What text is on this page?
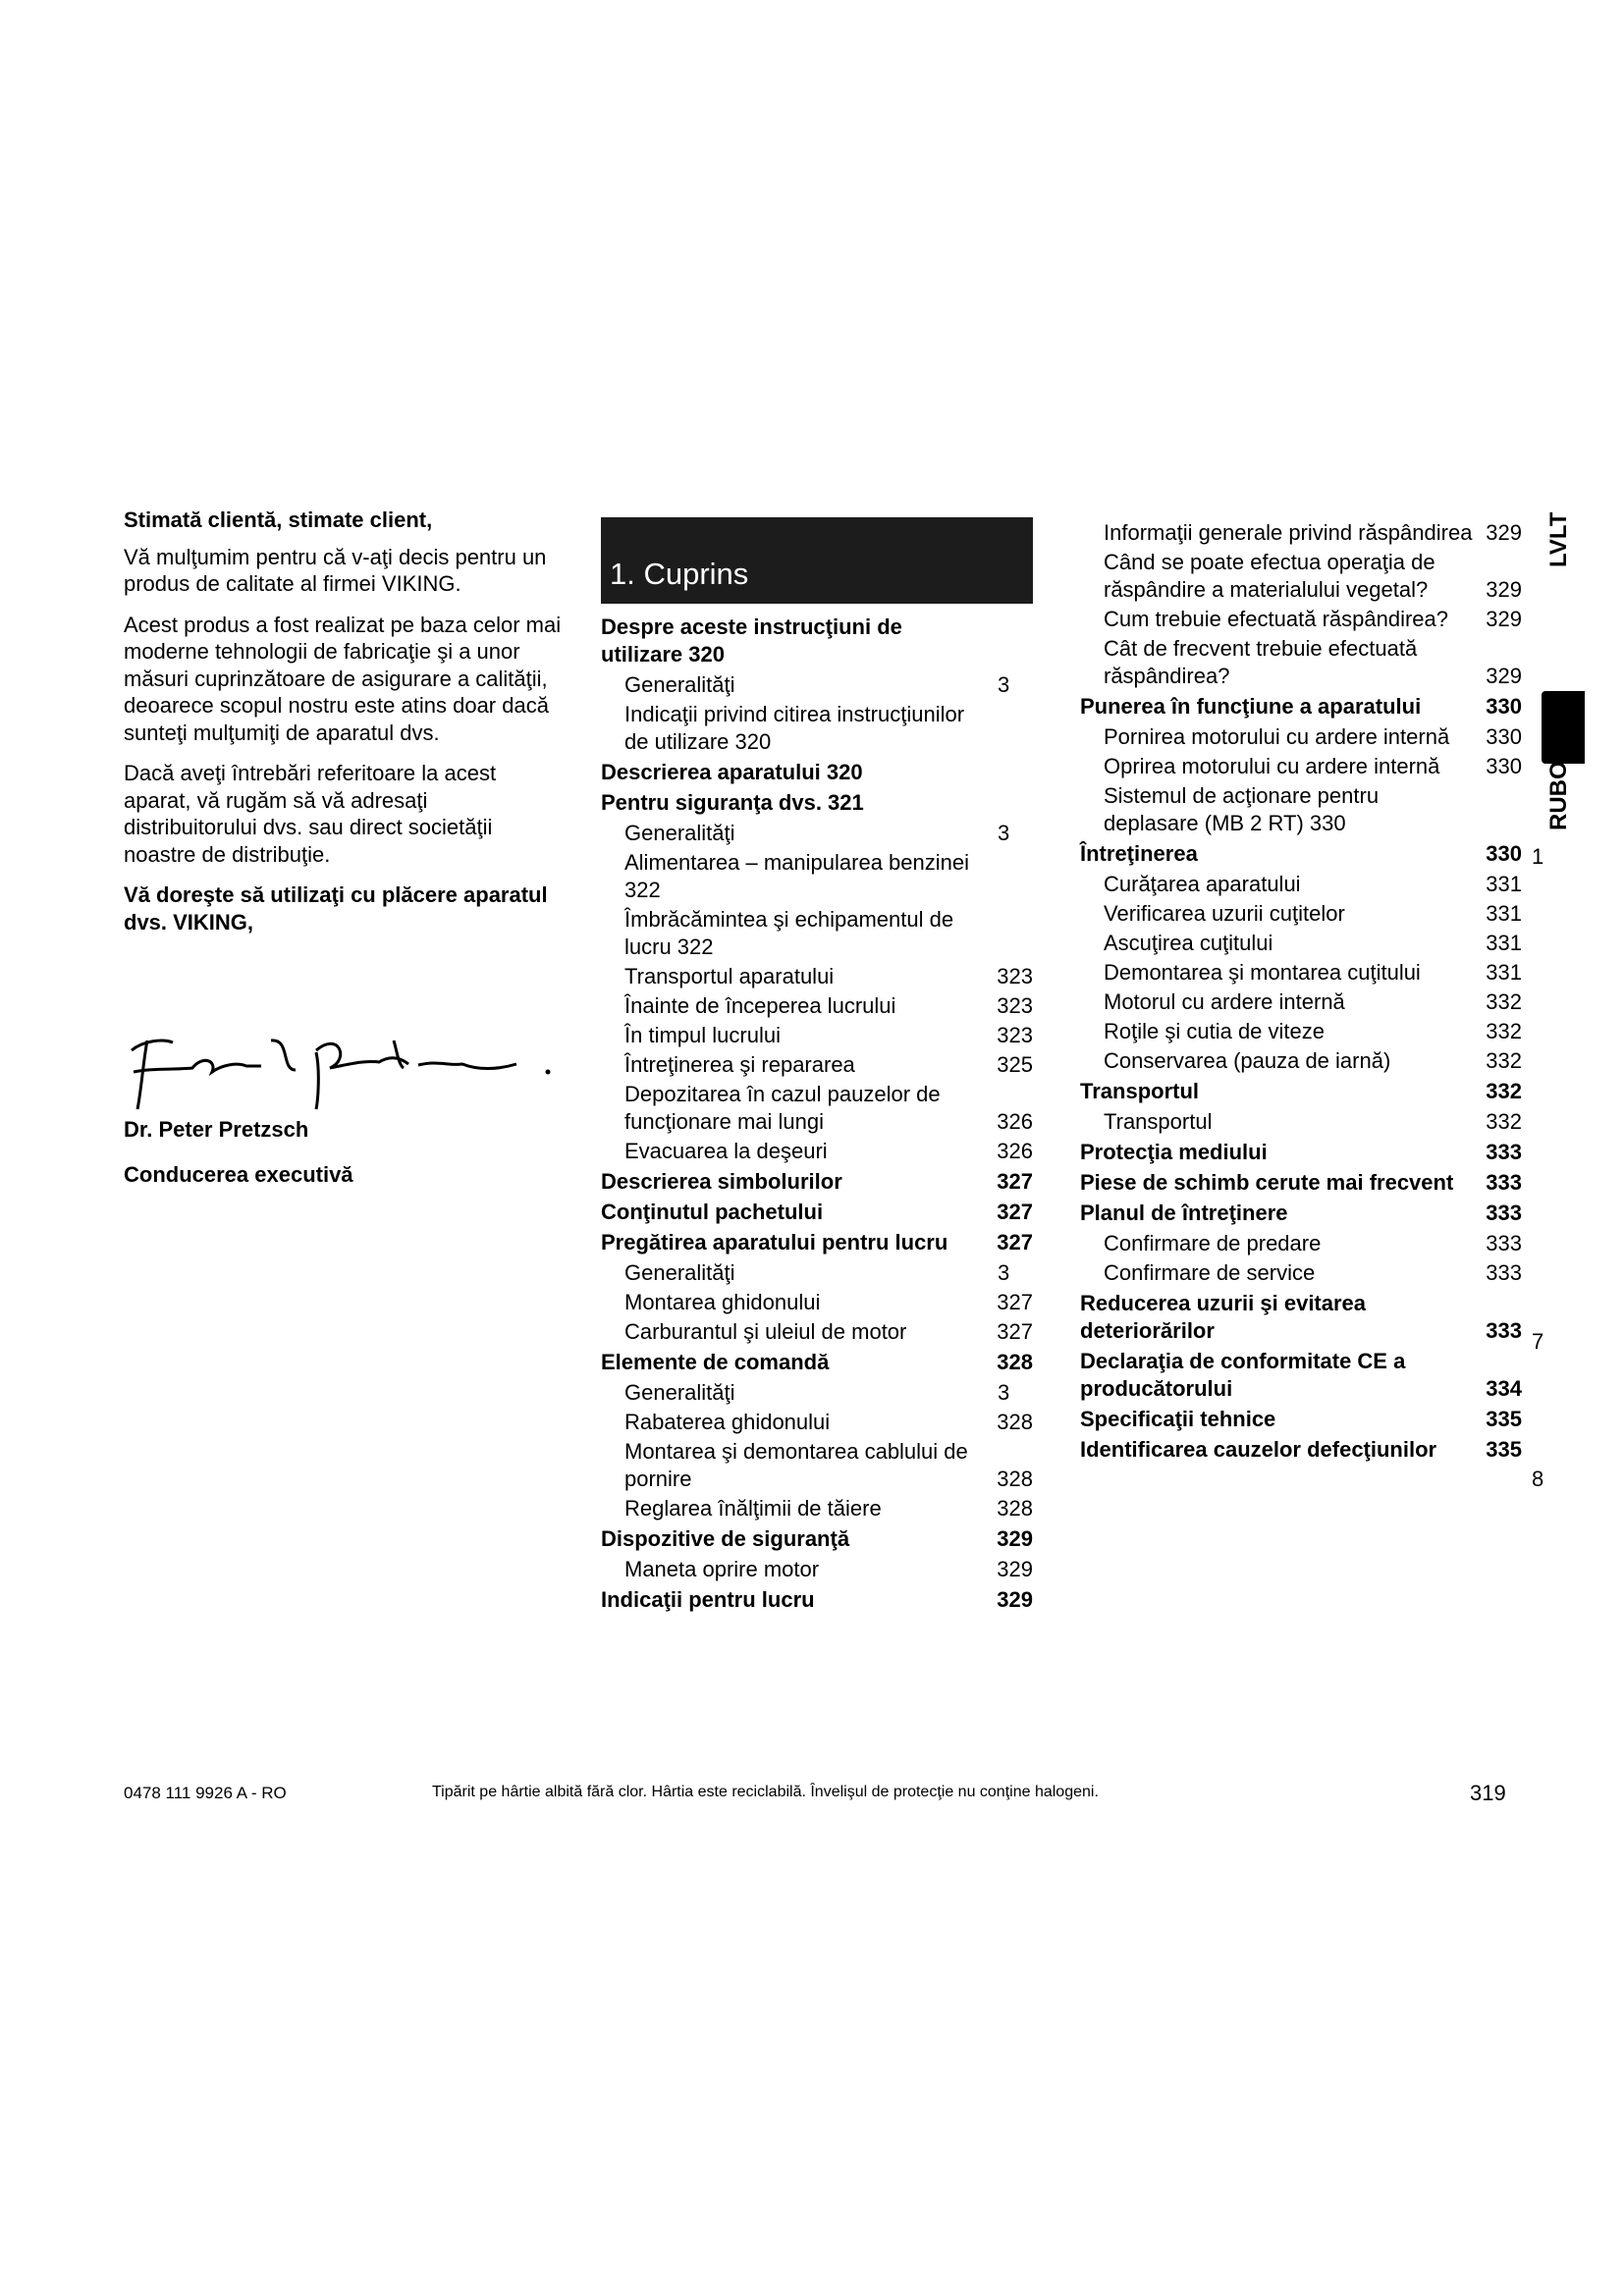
Stimată clientă, stimate client,

Vă mulţumim pentru că v-aţi decis pentru un produs de calitate al firmei VIKING.

Acest produs a fost realizat pe baza celor mai moderne tehnologii de fabricaţie şi a unor măsuri cuprinzătoare de asigurare a calităţii, deoarece scopul nostru este atins doar dacă sunteţi mulţumiţi de aparatul dvs.

Dacă aveţi întrebări referitoare la acest aparat, vă rugăm să vă adresaţi distribuitorului dvs. sau direct societăţii noastre de distribuţie.

Vă doreşte să utilizaţi cu plăcere aparatul dvs. VIKING,

Dr. Peter Pretzsch
Conducerea executivă
1. Cuprins
Despre aceste instrucţiuni de utilizare 320
Generalităţi	3
Indicaţii privind citirea instrucţiunilor de utilizare 320
Descrierea aparatului 320
Pentru siguranţa dvs. 321
Generalităţi	3
Alimentarea – manipularea benzinei 322
Îmbrăcămintea şi echipamentul de lucru 322
Transportul aparatului	323
Înainte de începerea lucrului	323
În timpul lucrului	323
Întreţinerea şi repararea	325
Depozitarea în cazul pauzelor de funcţionare mai lungi	326
Evacuarea la deşeuri	326
Descrierea simbolurilor	327
Conţinutul pachetului	327
Pregătirea aparatului pentru lucru	327
Generalităţi	3
Montarea ghidonului	327
Carburantul şi uleiul de motor	327
Elemente de comandă	328
Generalităţi	3
Rabaterea ghidonului	328
Montarea şi demontarea cablului de pornire	328
Reglarea înălţimii de tăiere	328
Dispozitive de siguranţă	329
Maneta oprire motor	329
Indicaţii pentru lucru	329
Informaţii generale privind răspândirea 329
Când se poate efectua operaţia de răspândire a materialului vegetal?	329
Cum trebuie efectuată răspândirea?	329
Cât de frecvent trebuie efectuată răspândirea?	329
Punerea în funcţiune a aparatului	330
Pornirea motorului cu ardere internă	330
Oprirea motorului cu ardere internă	330
Sistemul de acţionare pentru deplasare (MB 2 RT) 330
Întreţinerea	330
Curăţarea aparatului	331
Verificarea uzurii cuţitelor	331
Ascuţirea cuţitului	331
Demontarea şi montarea cuţitului	331
Motorul cu ardere internă	332
Roţile şi cutia de viteze	332
Conservarea (pauza de iarnă)	332
Transportul	332
Transportul	332
Protecţia mediului	333
Piese de schimb cerute mai frecvent	333
Planul de întreţinere	333
Confirmare de predare	333
Confirmare de service	333
Reducerea uzurii şi evitarea deteriorărilor	333
Declaraţia de conformitate CE a producătorului	334
Specificaţii tehnice	335
Identificarea cauzelor defecţiunilor	335
LVLT
RUBOLT
1
7
8
0478 111 9926 A - RO	Tipărit pe hârtie albită fără clor. Hârtia este reciclabilă. Învelişul de protecţie nu conţine halogeni.	319
